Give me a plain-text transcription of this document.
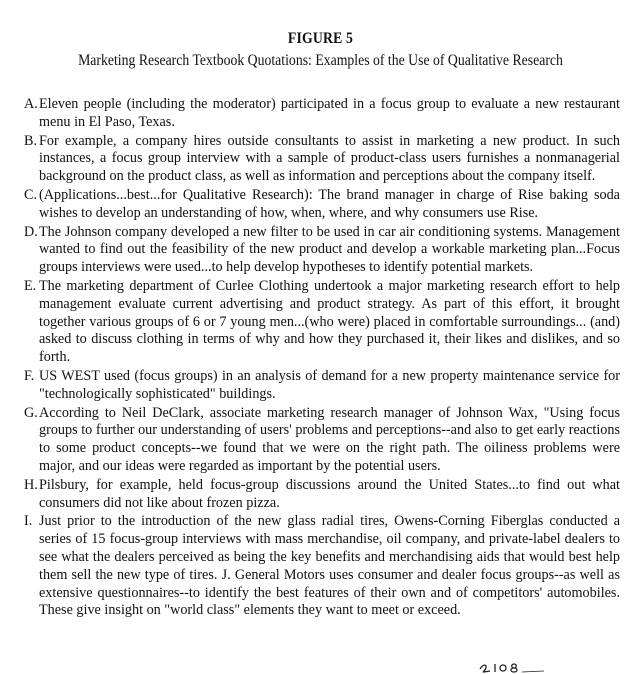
FIGURE 5
Marketing Research Textbook Quotations: Examples of the Use of Qualitative Research
A. Eleven people (including the moderator) participated in a focus group to evaluate a new restaurant menu in El Paso, Texas.
B. For example, a company hires outside consultants to assist in marketing a new product. In such instances, a focus group interview with a sample of product-class users furnishes a nonmanagerial background on the product class, as well as information and perceptions about the company itself.
C. (Applications...best...for Qualitative Research): The brand manager in charge of Rise baking soda wishes to develop an understanding of how, when, where, and why consumers use Rise.
D. The Johnson company developed a new filter to be used in car air conditioning systems. Management wanted to find out the feasibility of the new product and develop a workable marketing plan...Focus groups interviews were used...to help develop hypotheses to identify potential markets.
E. The marketing department of Curlee Clothing undertook a major marketing research effort to help management evaluate current advertising and product strategy. As part of this effort, it brought together various groups of 6 or 7 young men...(who were) placed in comfortable surroundings... (and) asked to discuss clothing in terms of why and how they purchased it, their likes and dislikes, and so forth.
F. US WEST used (focus groups) in an analysis of demand for a new property maintenance service for "technologically sophisticated" buildings.
G. According to Neil DeClark, associate marketing research manager of Johnson Wax, "Using focus groups to further our understanding of users' problems and perceptions--and also to get early reactions to some product concepts--we found that we were on the right path. The oiliness problems were major, and our ideas were regarded as important by the potential users.
H. Pilsbury, for example, held focus-group discussions around the United States...to find out what consumers did not like about frozen pizza.
I. Just prior to the introduction of the new glass radial tires, Owens-Corning Fiberglas conducted a series of 15 focus-group interviews with mass merchandise, oil company, and private-label dealers to see what the dealers perceived as being the key benefits and merchandising aids that would best help them sell the new type of tires. J. General Motors uses consumer and dealer focus groups--as well as extensive questionnaires--to identify the best features of their own and of competitors' automobiles. These give insight on "world class" elements they want to meet or exceed.
